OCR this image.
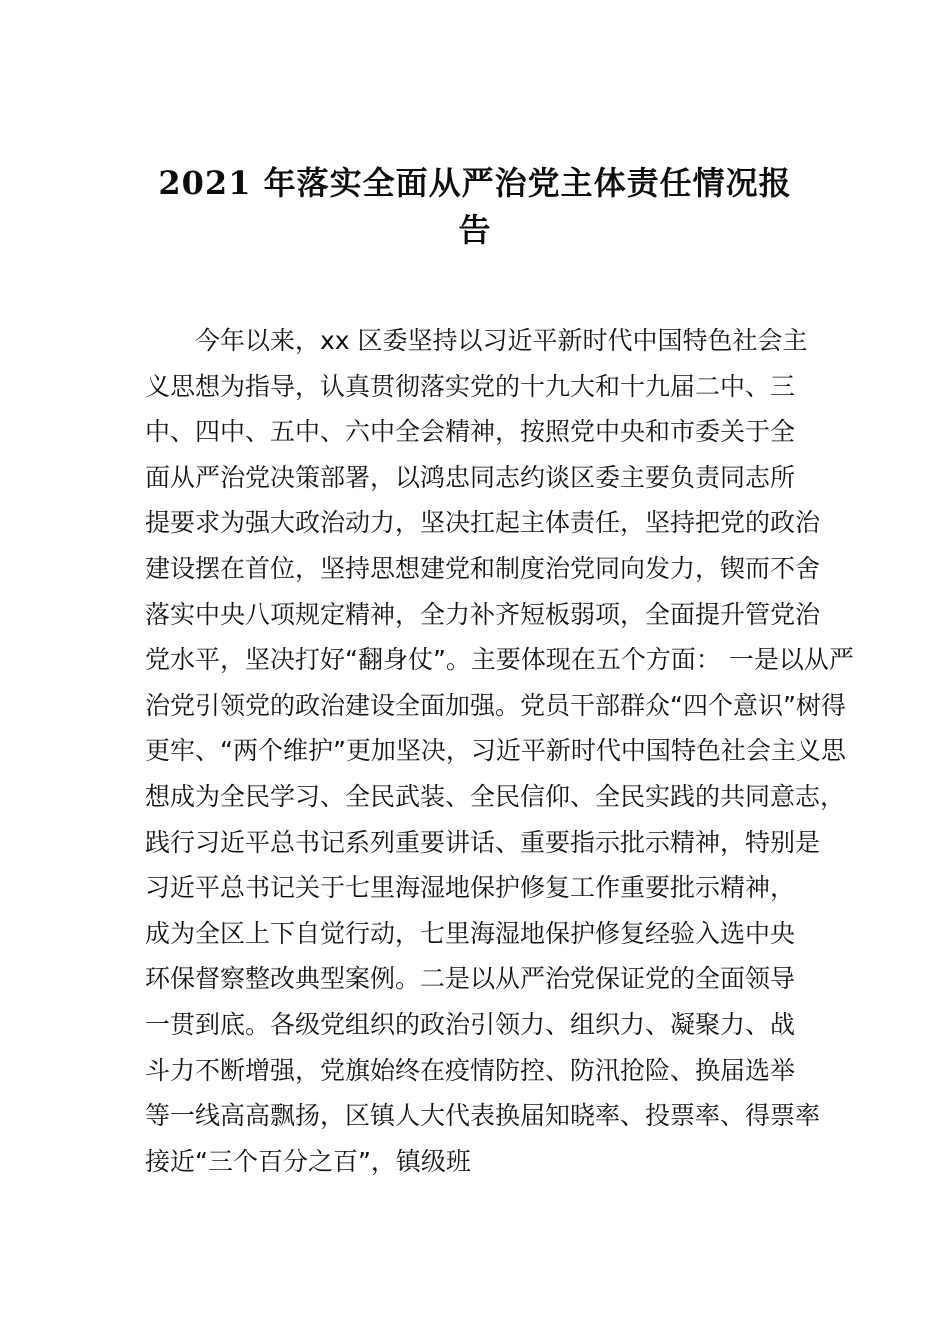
2021 年落实全面从严治党主体责任情况报
告
今年以来，xx 区委坚持以习近平新时代中国特色社会主
义思想为指导，认真贯彻落实党的十九大和十九届二中、三
中、四中、五中、六中全会精神，按照党中央和市委关于全
面从严治党决策部署，以鸿忠同志约谈区委主要负责同志所
提要求为强大政治动力，坚决扛起主体责任，坚持把党的政治
建设摆在首位，坚持思想建党和制度治党同向发力，锲而不舍
落实中央八项规定精神，全力补齐短板弱项，全面提升管党治
党水平，坚决打好“翻身仗”。主要体现在五个方面： 一是以从严
治党引领党的政治建设全面加强。党员干部群众“四个意识”树得
更牢、“两个维护”更加坚决，习近平新时代中国特色社会主义思
想成为全民学习、全民武装、全民信仰、全民实践的共同意志，
践行习近平总书记系列重要讲话、重要指示批示精神，特别是
习近平总书记关于七里海湿地保护修复工作重要批示精神，
成为全区上下自觉行动，七里海湿地保护修复经验入选中央
环保督察整改典型案例。二是以从严治党保证党的全面领导
一贯到底。各级党组织的政治引领力、组织力、凝聚力、战
斗力不断增强，党旗始终在疫情防控、防汛抢险、换届选举
等一线高高飘扬，区镇人大代表换届知晓率、投票率、得票率
接近“三个百分之百”，镇级班
